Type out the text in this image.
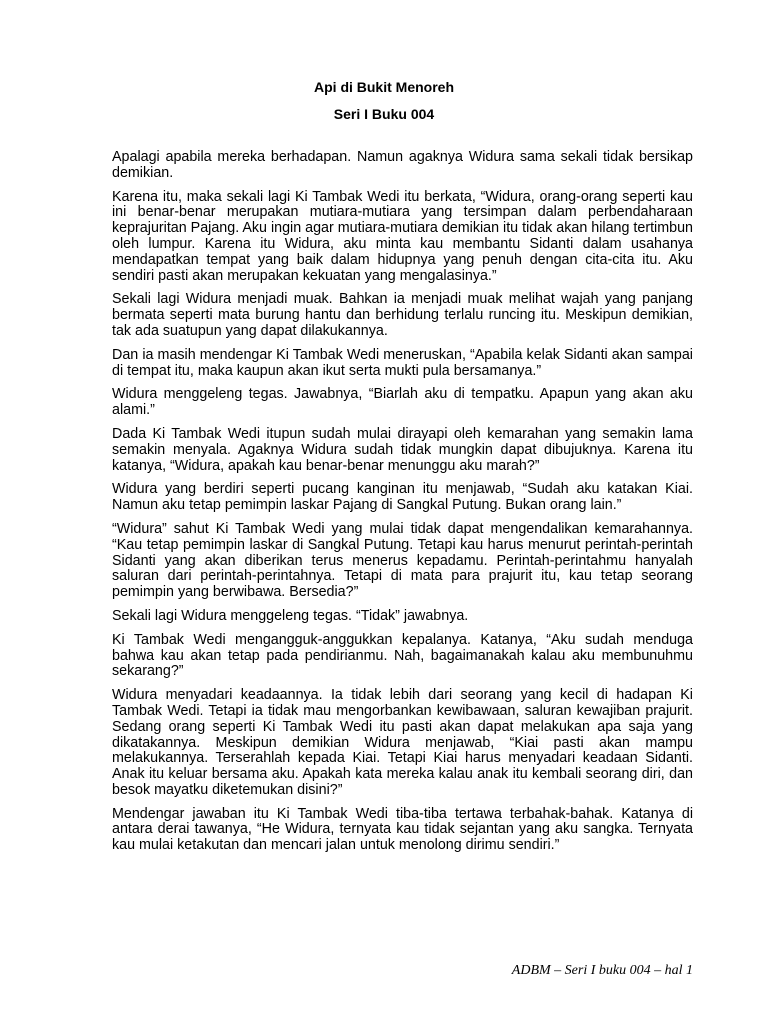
Api di Bukit Menoreh

Seri I Buku 004

Apalagi apabila mereka berhadapan. Namun agaknya Widura sama sekali tidak bersikap demikian.

Karena itu, maka sekali lagi Ki Tambak Wedi itu berkata, “Widura, orang-orang seperti kau ini benar-benar merupakan mutiara-mutiara yang tersimpan dalam perbendaharaan keprajuritan Pajang. Aku ingin agar mutiara-mutiara demikian itu tidak akan hilang tertimbun oleh lumpur. Karena itu Widura, aku minta kau membantu Sidanti dalam usahanya mendapatkan tempat yang baik dalam hidupnya yang penuh dengan cita-cita itu. Aku sendiri pasti akan merupakan kekuatan yang mengalasinya.”

Sekali lagi Widura menjadi muak. Bahkan ia menjadi muak melihat wajah yang panjang bermata seperti mata burung hantu dan berhidung terlalu runcing itu. Meskipun demikian, tak ada suatupun yang dapat dilakukannya.

Dan ia masih mendengar Ki Tambak Wedi meneruskan, “Apabila kelak Sidanti akan sampai di tempat itu, maka kaupun akan ikut serta mukti pula bersamanya.”

Widura menggeleng tegas. Jawabnya, “Biarlah aku di tempatku. Apapun yang akan aku alami.”

Dada Ki Tambak Wedi itupun sudah mulai dirayapi oleh kemarahan yang semakin lama semakin menyala. Agaknya Widura sudah tidak mungkin dapat dibujuknya. Karena itu katanya, “Widura, apakah kau benar-benar menunggu aku marah?”

Widura yang berdiri seperti pucang kanginan itu menjawab, “Sudah aku katakan Kiai. Namun aku tetap pemimpin laskar Pajang di Sangkal Putung. Bukan orang lain.”

“Widura” sahut Ki Tambak Wedi yang mulai tidak dapat mengendalikan kemarahannya. “Kau tetap pemimpin laskar di Sangkal Putung. Tetapi kau harus menurut perintah-perintah Sidanti yang akan diberikan terus menerus kepadamu. Perintah-perintahmu hanyalah saluran dari perintah-perintahnya. Tetapi di mata para prajurit itu, kau tetap seorang pemimpin yang berwibawa. Bersedia?”

Sekali lagi Widura menggeleng tegas. “Tidak” jawabnya.

Ki Tambak Wedi mengangguk-anggukkan kepalanya. Katanya, “Aku sudah menduga bahwa kau akan tetap pada pendirianmu. Nah, bagaimanakah kalau aku membunuhmu sekarang?”

Widura menyadari keadaannya. Ia tidak lebih dari seorang yang kecil di hadapan Ki Tambak Wedi. Tetapi ia tidak mau mengorbankan kewibawaan, saluran kewajiban prajurit. Sedang orang seperti Ki Tambak Wedi itu pasti akan dapat melakukan apa saja yang dikatakannya. Meskipun demikian Widura menjawab, “Kiai pasti akan mampu melakukannya. Terserahlah kepada Kiai. Tetapi Kiai harus menyadari keadaan Sidanti. Anak itu keluar bersama aku. Apakah kata mereka kalau anak itu kembali seorang diri, dan besok mayatku diketemukan disini?”

Mendengar jawaban itu Ki Tambak Wedi tiba-tiba tertawa terbahak-bahak. Katanya di antara derai tawanya, “He Widura, ternyata kau tidak sejantan yang aku sangka. Ternyata kau mulai ketakutan dan mencari jalan untuk menolong dirimu sendiri.”

ADBM – Seri I buku 004 – hal 1
